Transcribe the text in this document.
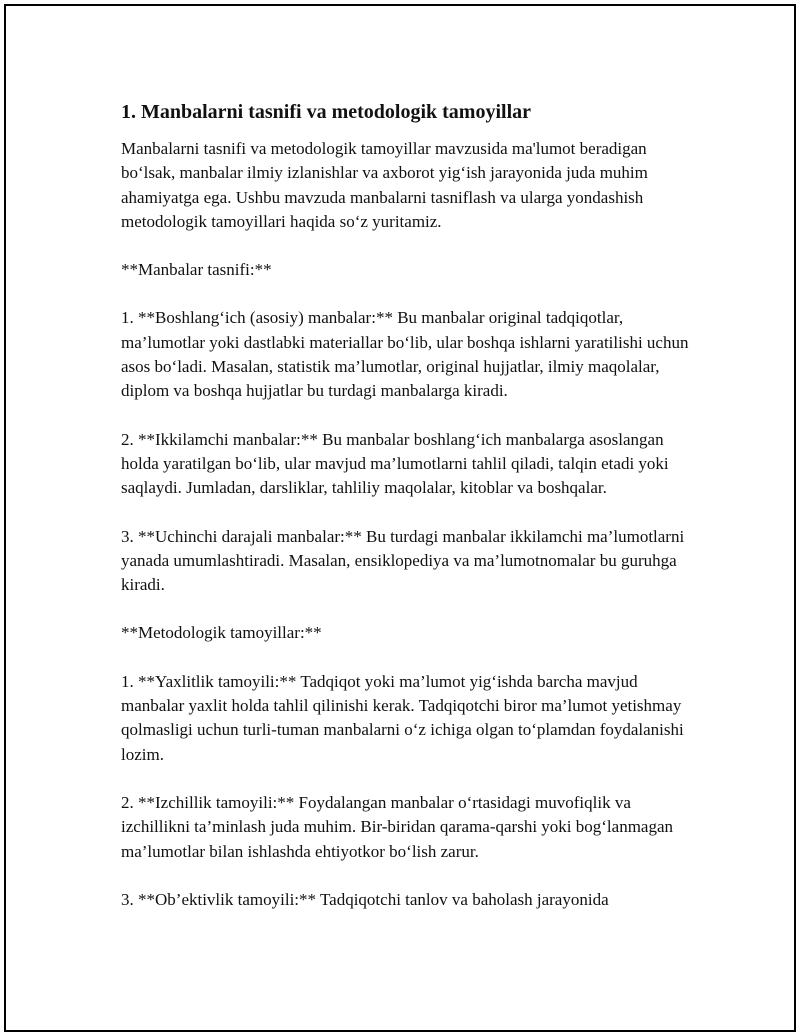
1. Manbalarni tasnifi va metodologik tamoyillar

Manbalarni tasnifi va metodologik tamoyillar mavzusida ma'lumot beradigan bo‘lsak, manbalar ilmiy izlanishlar va axborot yig‘ish jarayonida juda muhim ahamiyatga ega. Ushbu mavzuda manbalarni tasniflash va ularga yondashish metodologik tamoyillari haqida so‘z yuritamiz.

**Manbalar tasnifi:**

1. **Boshlang‘ich (asosiy) manbalar:** Bu manbalar original tadqiqotlar, ma’lumotlar yoki dastlabki materiallar bo‘lib, ular boshqa ishlarni yaratilishi uchun asos bo‘ladi. Masalan, statistik ma’lumotlar, original hujjatlar, ilmiy maqolalar, diplom va boshqa hujjatlar bu turdagi manbalarga kiradi.

2. **Ikkilamchi manbalar:** Bu manbalar boshlang‘ich manbalarga asoslangan holda yaratilgan bo‘lib, ular mavjud ma’lumotlarni tahlil qiladi, talqin etadi yoki saqlaydi. Jumladan, darsliklar, tahliliy maqolalar, kitoblar va boshqalar.

3. **Uchinchi darajali manbalar:** Bu turdagi manbalar ikkilamchi ma’lumotlarni yanada umumlashtiradi. Masalan, ensiklopediya va ma’lumotnomalar bu guruhga kiradi.

**Metodologik tamoyillar:**

1. **Yaxlitlik tamoyili:** Tadqiqot yoki ma’lumot yig‘ishda barcha mavjud manbalar yaxlit holda tahlil qilinishi kerak. Tadqiqotchi biror ma’lumot yetishmay qolmasligi uchun turli-tuman manbalarni o‘z ichiga olgan to‘plamdan foydalanishi lozim.

2. **Izchillik tamoyili:** Foydalangan manbalar o‘rtasidagi muvofiqlik va izchillikni ta’minlash juda muhim. Bir-biridan qarama-qarshi yoki bog‘lanmagan ma’lumotlar bilan ishlashda ehtiyotkor bo‘lish zarur.

3. **Ob’ektivlik tamoyili:** Tadqiqotchi tanlov va baholash jarayonida
